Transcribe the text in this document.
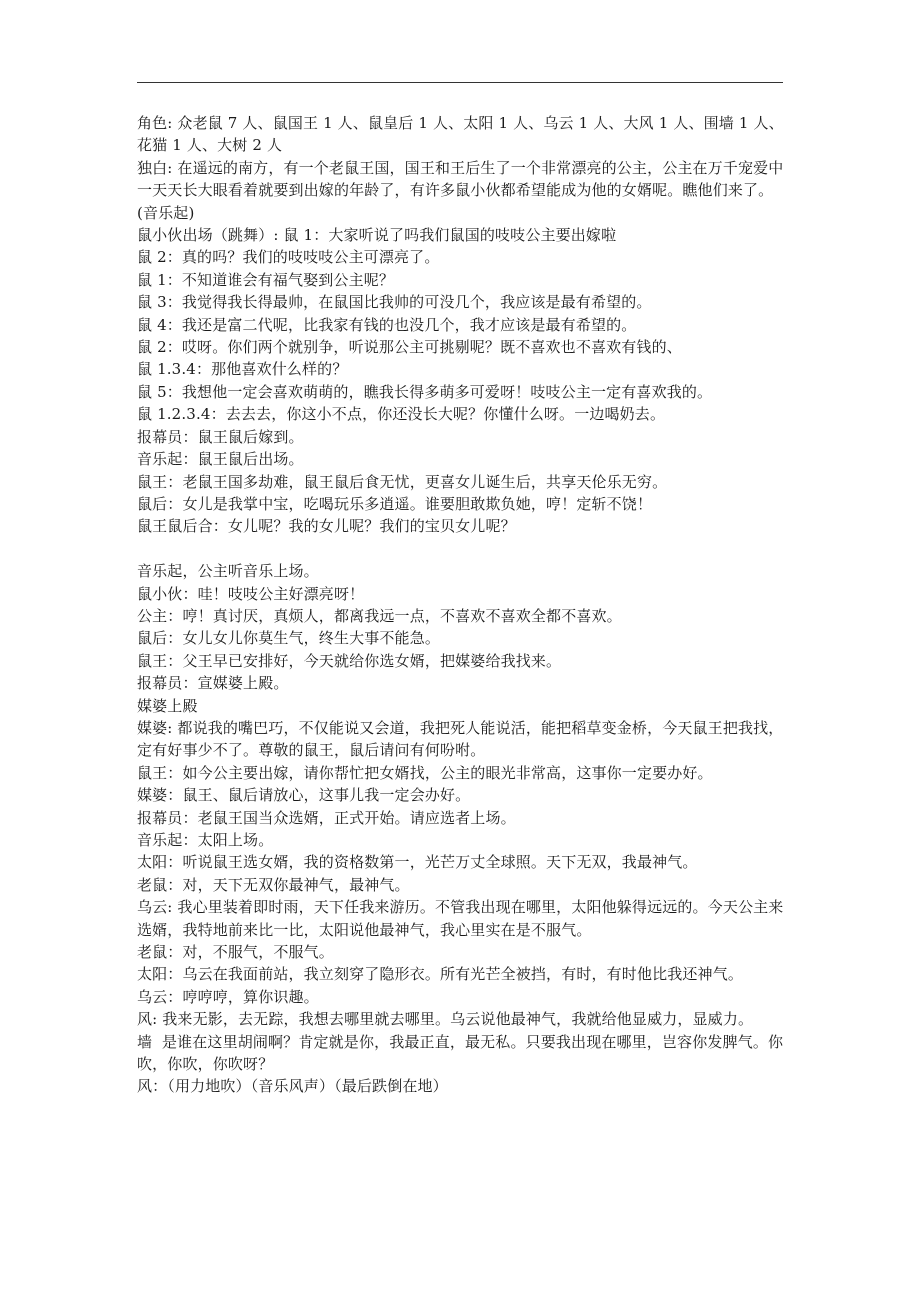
角色: 众老鼠 7 人、鼠国王 1 人、鼠皇后 1 人、太阳 1 人、乌云 1 人、大风 1 人、围墙 1 人、花猫 1 人、大树 2 人
独白: 在遥远的南方，有一个老鼠王国，国王和王后生了一个非常漂亮的公主，公主在万千宠爱中一天天长大眼看着就要到出嫁的年龄了，有许多鼠小伙都希望能成为他的女婿呢。瞧他们来了。(音乐起)
鼠小伙出场（跳舞）: 鼠 1：大家听说了吗我们鼠国的吱吱公主要出嫁啦
鼠 2：真的吗？我们的吱吱吱公主可漂亮了。
鼠 1：不知道谁会有福气娶到公主呢？
鼠 3：我觉得我长得最帅，在鼠国比我帅的可没几个，我应该是最有希望的。
鼠 4：我还是富二代呢，比我家有钱的也没几个，我才应该是最有希望的。
鼠 2：哎呀。你们两个就别争，听说那公主可挑剔呢？既不喜欢也不喜欢有钱的、
鼠 1.3.4：那他喜欢什么样的？
鼠 5：我想他一定会喜欢萌萌的，瞧我长得多萌多可爱呀！吱吱公主一定有喜欢我的。
鼠 1.2.3.4：去去去，你这小不点，你还没长大呢？你懂什么呀。一边喝奶去。
报幕员：鼠王鼠后嫁到。
音乐起：鼠王鼠后出场。
鼠王：老鼠王国多劫难，鼠王鼠后食无忧，更喜女儿诞生后，共享天伦乐无穷。
鼠后：女儿是我掌中宝，吃喝玩乐多逍遥。谁要胆敢欺负她，哼！定斩不饶！
鼠王鼠后合：女儿呢？我的女儿呢？我们的宝贝女儿呢？
音乐起，公主听音乐上场。
鼠小伙：哇！吱吱公主好漂亮呀！
公主：哼！真讨厌，真烦人，都离我远一点，不喜欢不喜欢全都不喜欢。
鼠后：女儿女儿你莫生气，终生大事不能急。
鼠王：父王早已安排好，今天就给你选女婿，把媒婆给我找来。
报幕员：宣媒婆上殿。
媒婆上殿
媒婆: 都说我的嘴巴巧，不仅能说又会道，我把死人能说活，能把稻草变金桥，今天鼠王把我找，定有好事少不了。尊敬的鼠王，鼠后请问有何吩咐。
鼠王：如今公主要出嫁，请你帮忙把女婿找，公主的眼光非常高，这事你一定要办好。
媒婆：鼠王、鼠后请放心，这事儿我一定会办好。
报幕员：老鼠王国当众选婿，正式开始。请应选者上场。
音乐起：太阳上场。
太阳：听说鼠王选女婿，我的资格数第一，光芒万丈全球照。天下无双，我最神气。
老鼠：对，天下无双你最神气，最神气。
乌云: 我心里装着即时雨，天下任我来游历。不管我出现在哪里，太阳他躲得远远的。今天公主来选婿，我特地前来比一比，太阳说他最神气，我心里实在是不服气。
老鼠：对，不服气，不服气。
太阳：乌云在我面前站，我立刻穿了隐形衣。所有光芒全被挡，有时，有时他比我还神气。
乌云：哼哼哼，算你识趣。
风: 我来无影，去无踪，我想去哪里就去哪里。乌云说他最神气，我就给他显威力，显威力。
墙  是谁在这里胡闹啊？肯定就是你，我最正直，最无私。只要我出现在哪里，岂容你发脾气。你吹，你吹，你吹呀？
风：（用力地吹）（音乐风声）（最后跌倒在地）
